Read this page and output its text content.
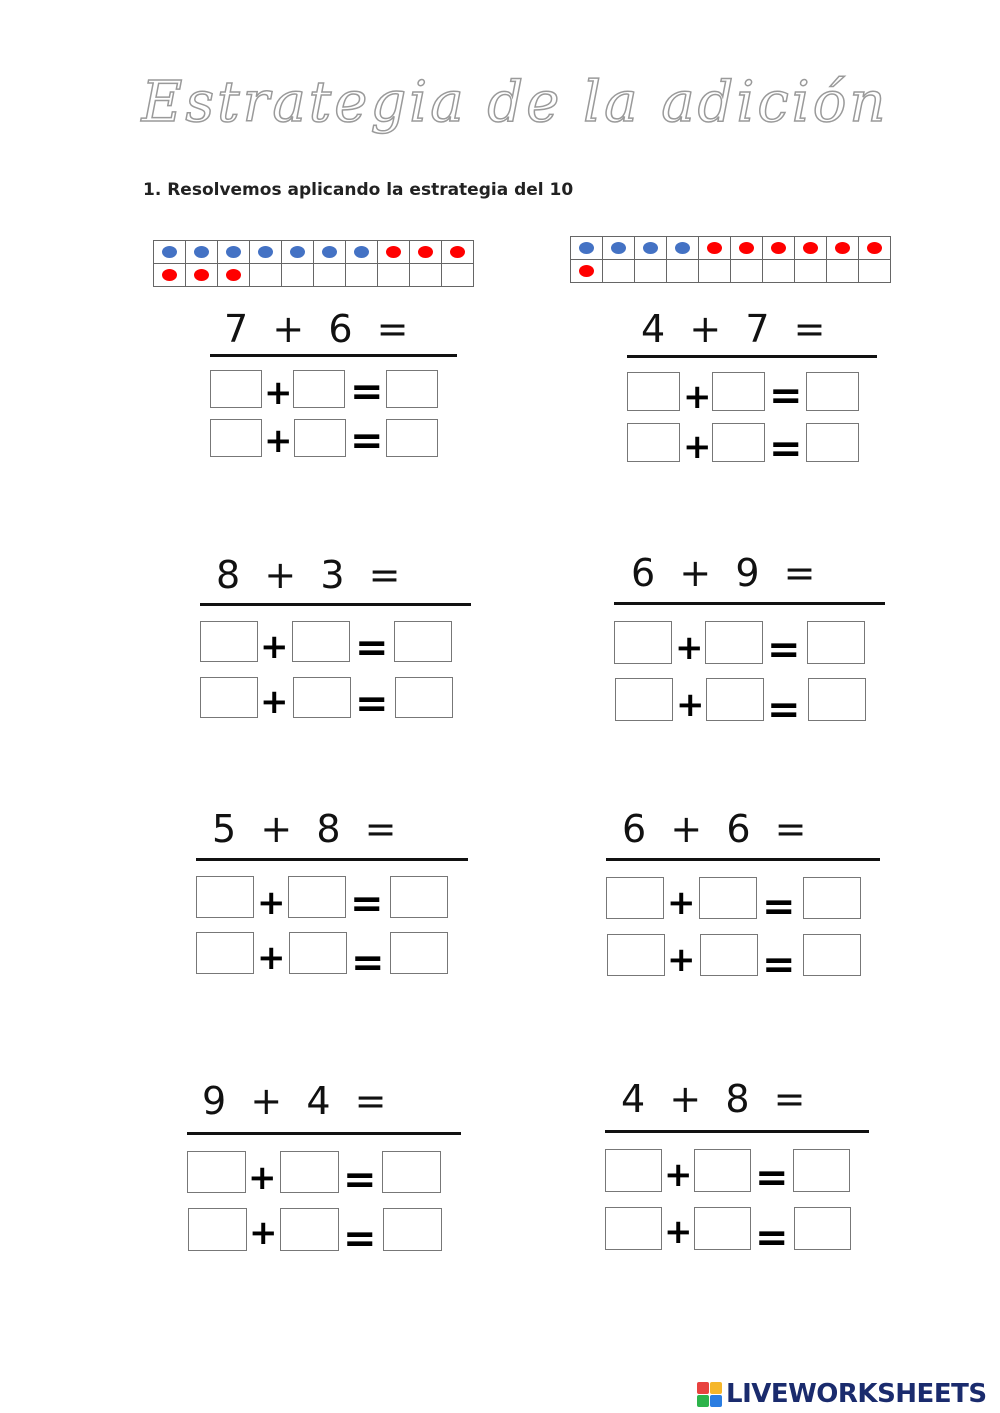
Estrategia de la adición
1. Resolvemos aplicando la estrategia del 10

7  +  6  =
+ =
+ =
4  +  7  =
+ =
+ =
8  +  3  =
+ =
+ =
6  +  9  =
+ =
+ =
5  +  8  =
+ =
+ =
6  +  6  =
+ =
+ =
9  +  4  =
+ =
+ =
4  +  8  =
+ =
+ =
LIVEWORKSHEETS
